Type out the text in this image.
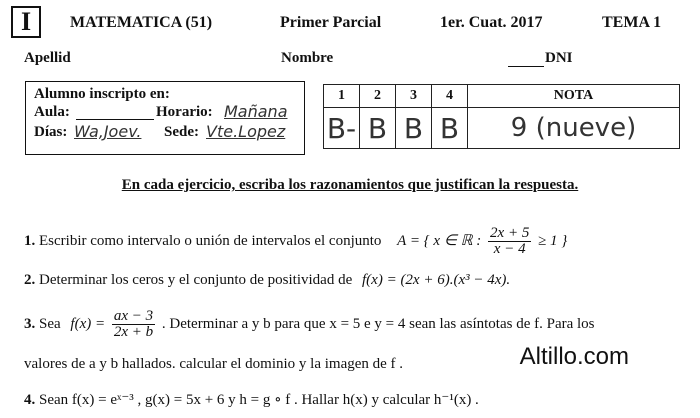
I	MATEMATICA (51)	Primer Parcial	1er. Cuat. 2017	TEMA 1
Apellid	Nombre	DNI
Alumno inscripto en:
Aula:	Horario: Mañana
Días: Wa,Joev. Sede: Vte.Lopez
1	2	3	4	NOTA
B-	B	B	B	9 (nueve)
En cada ejercicio, escriba los razonamientos que justifican la respuesta.
1. Escribir como intervalo o unión de intervalos el conjunto A = { x ∈ ℝ : $\frac{2x + 5}{x - 4} \ge 1$ }
2. Determinar los ceros y el conjunto de positividad de f(x) = (2x + 6).(x³ − 4x).
3. Sea $f(x) = \frac{ax - 3}{2x + b}$ . Determinar a y b para que x = 5 e y = 4 sean las asíntotas de f. Para los
valores de a y b hallados. calcular el dominio y la imagen de f .
4. Sean f(x) = eˣ⁻³ , g(x) = 5x + 6 y h = g ∘ f . Hallar h(x) y calcular h⁻¹(x) .
Altillo.com
